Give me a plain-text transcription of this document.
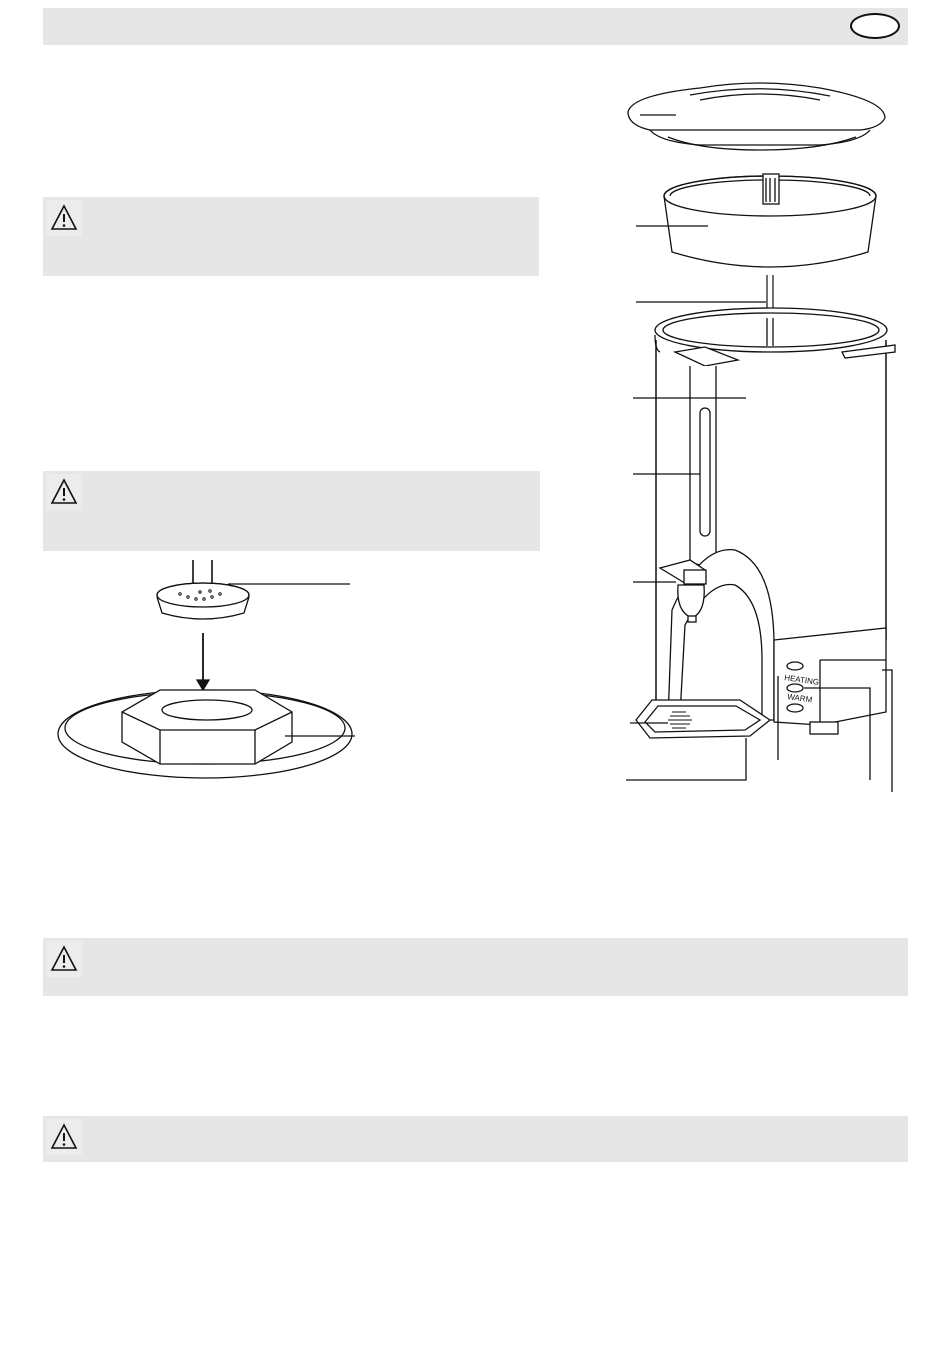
HEATING
WARM
